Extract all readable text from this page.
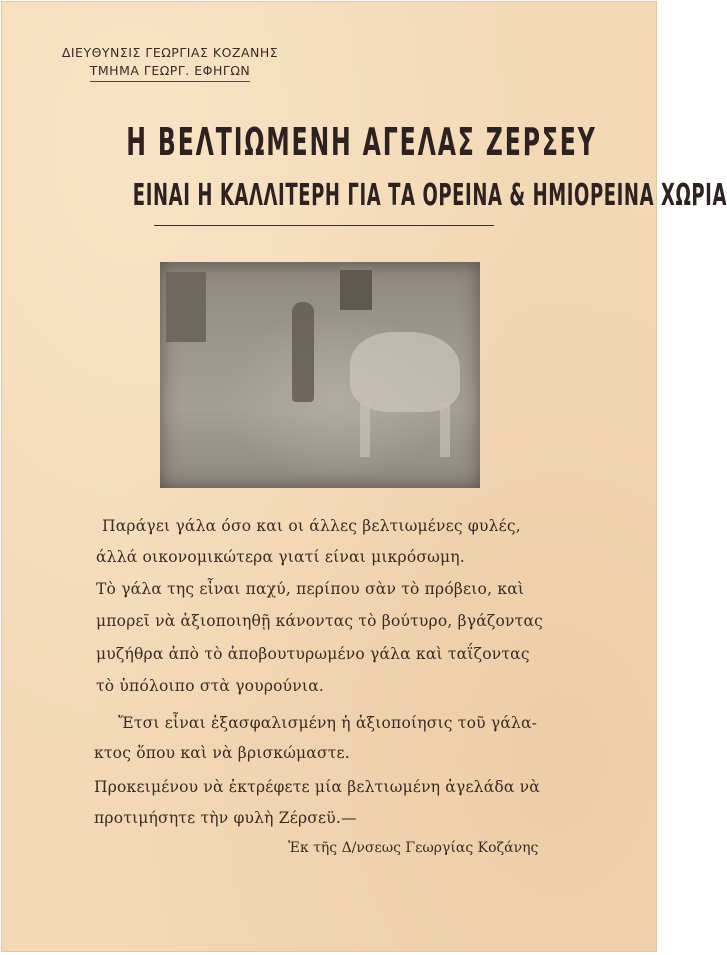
ΔΙΕΥΘΥΝΣΙΣ ΓΕΩΡΓΙΑΣ ΚΟΖΑΝΗΣ
ΤΜΗΜΑ ΓΕΩΡΓ. ΕΦΗΓΩΝ
Η ΒΕΛΤΙΩΜΕΝΗ ΑΓΕΛΑΣ ΖΕΡΣΕΥ
ΕΙΝΑΙ Η ΚΑΛΛΙΤΕΡΗ ΓΙΑ ΤΑ ΟΡΕΙΝΑ & ΗΜΙΟΡΕΙΝΑ ΧΩΡΙΑ
Παράγει γάλα όσο και οι άλλες βελτιωμένες φυλές,
άλλά οικονομικώτερα γιατί είναι μικρόσωμη.
Τὸ γάλα της εἶναι παχύ, περίπου σὰν τὸ πρόβειο, καὶ
μπορεῖ νὰ ἀξιοποιηθῇ κάνοντας τὸ βούτυρο, βγάζοντας
μυζήθρα ἀπὸ τὸ ἀποβουτυρωμένο γάλα καὶ ταΐζοντας
τὸ ὑπόλοιπο στὰ γουρούνια.
Ἔτσι εἶναι ἐξασφαλισμένη ἡ ἀξιοποίησις τοῦ γάλα-
κτος ὅπου καὶ νὰ βρισκώμαστε.
Προκειμένου νὰ ἐκτρέφετε μία βελτιωμένη ἀγελάδα νὰ
προτιμήσητε τὴν φυλὴ Ζέρσεϋ.—
Ἐκ τῆς Δ/νσεως Γεωργίας Κοζάνης
